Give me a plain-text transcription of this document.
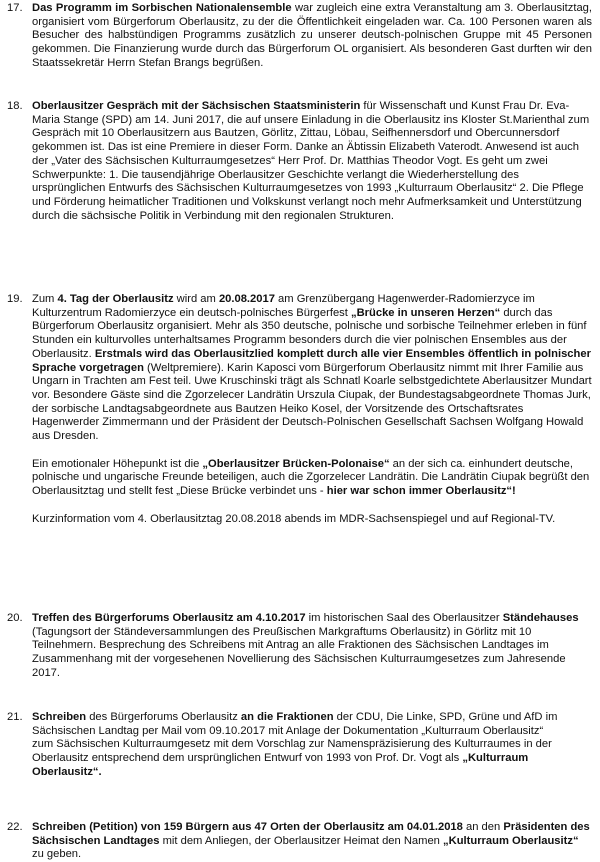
17. Das Programm im Sorbischen Nationalensemble war zugleich eine extra Veranstaltung am 3. Oberlausitztag, organisiert vom Bürgerforum Oberlausitz, zu der die Öffentlichkeit eingeladen war. Ca. 100 Personen waren als Besucher des halbstündigen Programms zusätzlich zu unserer deutsch-polnischen Gruppe mit 45 Personen gekommen. Die Finanzierung wurde durch das Bürgerforum OL organisiert. Als besonderen Gast durften wir den Staatssekretär Herrn Stefan Brangs begrüßen.

18. Oberlausitzer Gespräch mit der Sächsischen Staatsministerin für Wissenschaft und Kunst Frau Dr. Eva-Maria Stange (SPD) am 14. Juni 2017, die auf unsere Einladung in die Oberlausitz ins Kloster St.Marienthal zum Gespräch mit 10 Oberlausitzern aus Bautzen, Görlitz, Zittau, Löbau, Seifhennersdorf und Obercunnersdorf gekommen ist. Das ist eine Premiere in dieser Form. Danke an Äbtissin Elizabeth Vaterodt. Anwesend ist auch der „Vater des Sächsischen Kulturraumgesetzes“ Herr Prof. Dr. Matthias Theodor Vogt. Es geht um zwei Schwerpunkte: 1. Die tausendjährige Oberlausitzer Geschichte verlangt die Wiederherstellung des ursprünglichen Entwurfs des Sächsischen Kulturraumgesetzes von 1993 „Kulturraum Oberlausitz“ 2. Die Pflege und Förderung heimatlicher Traditionen und Volkskunst verlangt noch mehr Aufmerksamkeit und Unterstützung durch die sächsische Politik in Verbindung mit den regionalen Strukturen.

19. Zum 4. Tag der Oberlausitz wird am 20.08.2017 am Grenzübergang Hagenwerder-Radomierzyce im Kulturzentrum Radomierzyce ein deutsch-polnisches Bürgerfest „Brücke in unseren Herzen“ durch das Bürgerforum Oberlausitz organisiert. Mehr als 350 deutsche, polnische und sorbische Teilnehmer erleben in fünf Stunden ein kulturvolles unterhaltsames Programm besonders durch die vier polnischen Ensembles aus der Oberlausitz. Erstmals wird das Oberlausitzlied komplett durch alle vier Ensembles öffentlich in polnischer Sprache vorgetragen (Weltpremiere). Karin Kaposci vom Bürgerforum Oberlausitz nimmt mit Ihrer Familie aus Ungarn in Trachten am Fest teil. Uwe Kruschinski trägt als Schnatl Koarle selbstgedichtete Aberlausitzer Mundart vor. Besondere Gäste sind die Zgorzelecer Landrätin Urszula Ciupak, der Bundestagsabgeordnete Thomas Jurk, der sorbische Landtagsabgeordnete aus Bautzen Heiko Kosel, der Vorsitzende des Ortschaftsrates Hagenwerder Zimmermann und der Präsident der Deutsch-Polnischen Gesellschaft Sachsen Wolfgang Howald aus Dresden.

Ein emotionaler Höhepunkt ist die „Oberlausitzer Brücken-Polonaise“ an der sich ca. einhundert deutsche, polnische und ungarische Freunde beteiligen, auch die Zgorzelecer Landrätin. Die Landrätin Ciupak begrüßt den Oberlausitztag und stellt fest „Diese Brücke verbindet uns - hier war schon immer Oberlausitz“!

Kurzinformation vom 4. Oberlausitztag 20.08.2018 abends im MDR-Sachsenspiegel und auf Regional-TV.

20. Treffen des Bürgerforums Oberlausitz am 4.10.2017 im historischen Saal des Oberlausitzer Ständehauses (Tagungsort der Ständeversammlungen des Preußischen Markgraftums Oberlausitz) in Görlitz mit 10 Teilnehmern. Besprechung des Schreibens mit Antrag an alle Fraktionen des Sächsischen Landtages im Zusammenhang mit der vorgesehenen Novellierung des Sächsischen Kulturraumgesetzes zum Jahresende 2017.

21. Schreiben des Bürgerforums Oberlausitz an die Fraktionen der CDU, Die Linke, SPD, Grüne und AfD im Sächsischen Landtag per Mail vom 09.10.2017 mit Anlage der Dokumentation „Kulturraum Oberlausitz“

zum Sächsischen Kulturraumgesetz mit dem Vorschlag zur Namenspräzisierung des Kulturraumes in der Oberlausitz entsprechend dem ursprünglichen Entwurf von 1993 von Prof. Dr. Vogt als „Kulturraum Oberlausitz“.

22. Schreiben (Petition) von 159 Bürgern aus 47 Orten der Oberlausitz am 04.01.2018 an den Präsidenten des Sächsischen Landtages mit dem Anliegen, der Oberlausitzer Heimat den Namen „Kulturraum Oberlausitz“ zu geben.
